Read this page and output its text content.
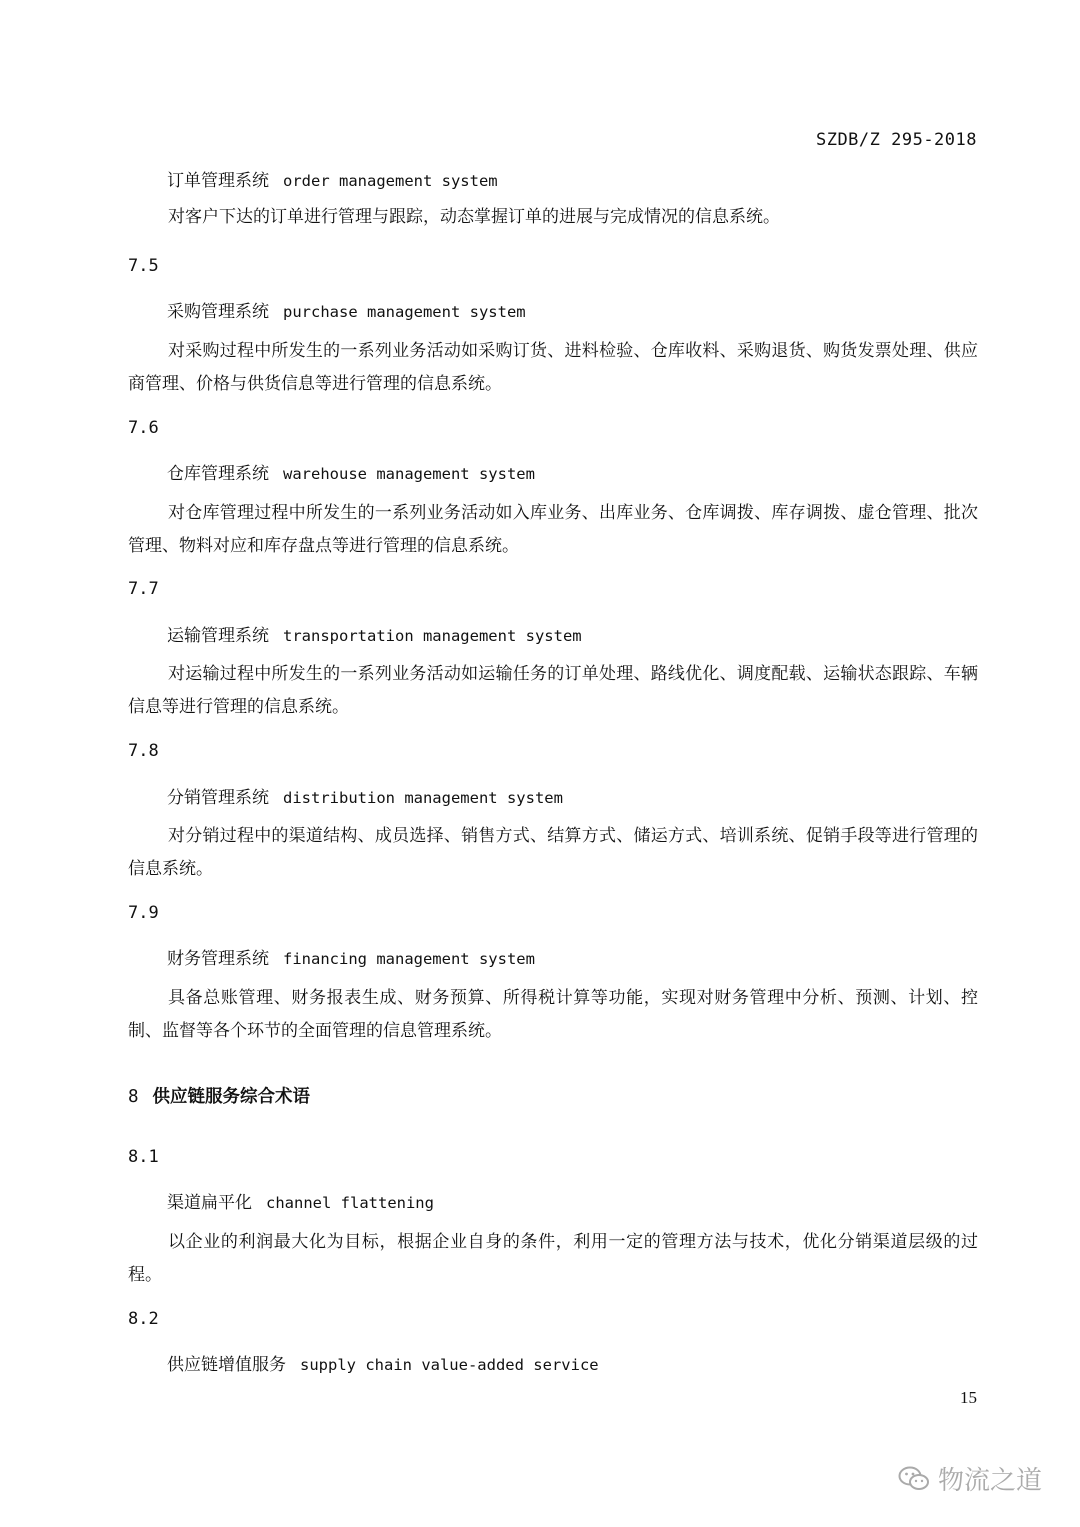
SZDB/Z 295-2018
订单管理系统 order management system
对客户下达的订单进行管理与跟踪，动态掌握订单的进展与完成情况的信息系统。
7.5
采购管理系统 purchase management system
对采购过程中所发生的一系列业务活动如采购订货、进料检验、仓库收料、采购退货、购货发票处理、供应商管理、价格与供货信息等进行管理的信息系统。
7.6
仓库管理系统 warehouse management system
对仓库管理过程中所发生的一系列业务活动如入库业务、出库业务、仓库调拨、库存调拨、虚仓管理、批次管理、物料对应和库存盘点等进行管理的信息系统。
7.7
运输管理系统 transportation management system
对运输过程中所发生的一系列业务活动如运输任务的订单处理、路线优化、调度配载、运输状态跟踪、车辆信息等进行管理的信息系统。
7.8
分销管理系统 distribution management system
对分销过程中的渠道结构、成员选择、销售方式、结算方式、储运方式、培训系统、促销手段等进行管理的信息系统。
7.9
财务管理系统 financing management system
具备总账管理、财务报表生成、财务预算、所得税计算等功能，实现对财务管理中分析、预测、计划、控制、监督等各个环节的全面管理的信息管理系统。
8 供应链服务综合术语
8.1
渠道扁平化 channel flattening
以企业的利润最大化为目标，根据企业自身的条件，利用一定的管理方法与技术，优化分销渠道层级的过程。
8.2
供应链增值服务 supply chain value-added service
15
物流之道
